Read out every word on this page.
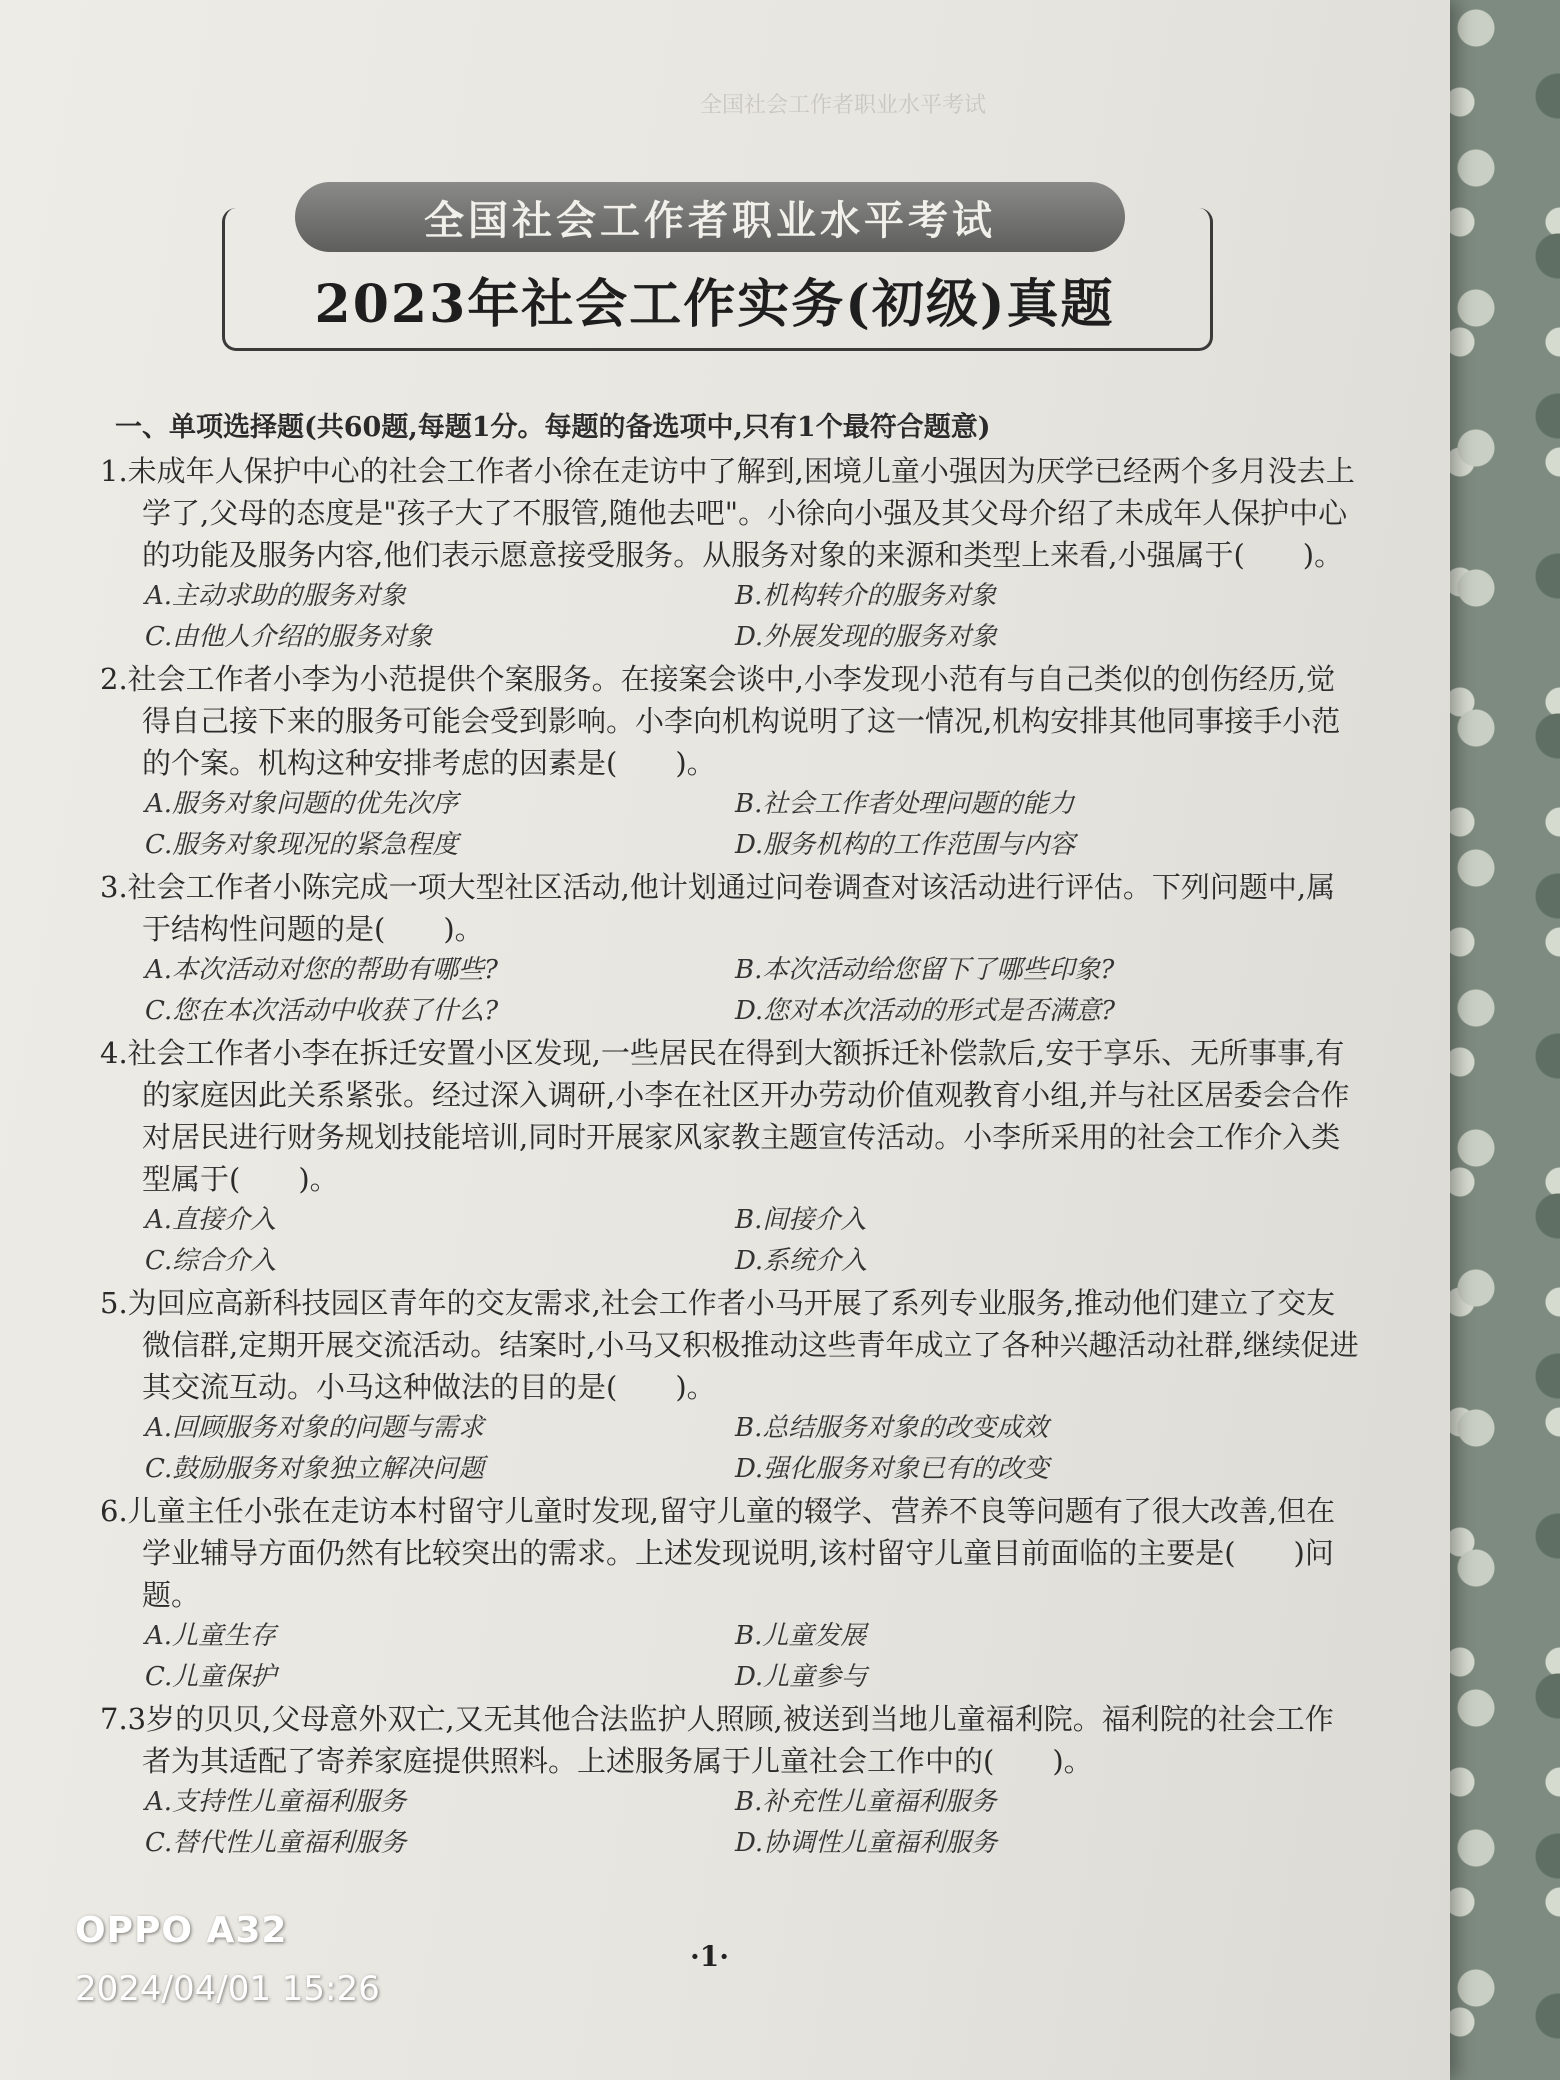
全国社会工作者职业水平考试
全国社会工作者职业水平考试
2023年社会工作实务(初级)真题
一、单项选择题(共60题,每题1分。每题的备选项中,只有1个最符合题意)

1.未成年人保护中心的社会工作者小徐在走访中了解到,困境儿童小强因为厌学已经两个多月没去上学了,父母的态度是"孩子大了不服管,随他去吧"。小徐向小强及其父母介绍了未成年人保护中心的功能及服务内容,他们表示愿意接受服务。从服务对象的来源和类型上来看,小强属于(　　)。

A.主动求助的服务对象	B.机构转介的服务对象
C.由他人介绍的服务对象	D.外展发现的服务对象

2.社会工作者小李为小范提供个案服务。在接案会谈中,小李发现小范有与自己类似的创伤经历,觉得自己接下来的服务可能会受到影响。小李向机构说明了这一情况,机构安排其他同事接手小范的个案。机构这种安排考虑的因素是(　　)。

A.服务对象问题的优先次序	B.社会工作者处理问题的能力
C.服务对象现况的紧急程度	D.服务机构的工作范围与内容

3.社会工作者小陈完成一项大型社区活动,他计划通过问卷调查对该活动进行评估。下列问题中,属于结构性问题的是(　　)。

A.本次活动对您的帮助有哪些?	B.本次活动给您留下了哪些印象?
C.您在本次活动中收获了什么?	D.您对本次活动的形式是否满意?

4.社会工作者小李在拆迁安置小区发现,一些居民在得到大额拆迁补偿款后,安于享乐、无所事事,有的家庭因此关系紧张。经过深入调研,小李在社区开办劳动价值观教育小组,并与社区居委会合作对居民进行财务规划技能培训,同时开展家风家教主题宣传活动。小李所采用的社会工作介入类型属于(　　)。

A.直接介入	B.间接介入
C.综合介入	D.系统介入

5.为回应高新科技园区青年的交友需求,社会工作者小马开展了系列专业服务,推动他们建立了交友微信群,定期开展交流活动。结案时,小马又积极推动这些青年成立了各种兴趣活动社群,继续促进其交流互动。小马这种做法的目的是(　　)。

A.回顾服务对象的问题与需求	B.总结服务对象的改变成效
C.鼓励服务对象独立解决问题	D.强化服务对象已有的改变

6.儿童主任小张在走访本村留守儿童时发现,留守儿童的辍学、营养不良等问题有了很大改善,但在学业辅导方面仍然有比较突出的需求。上述发现说明,该村留守儿童目前面临的主要是(　　)问题。

A.儿童生存	B.儿童发展
C.儿童保护	D.儿童参与

7.3岁的贝贝,父母意外双亡,又无其他合法监护人照顾,被送到当地儿童福利院。福利院的社会工作者为其适配了寄养家庭提供照料。上述服务属于儿童社会工作中的(　　)。

A.支持性儿童福利服务	B.补充性儿童福利服务
C.替代性儿童福利服务	D.协调性儿童福利服务
·1·
OPPO A32
2024/04/01 15:26
